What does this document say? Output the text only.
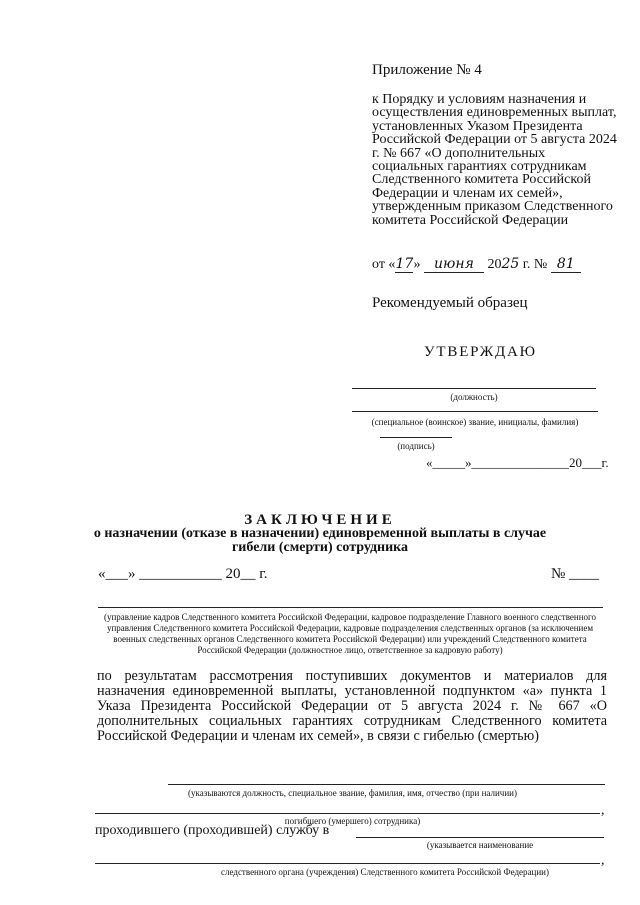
Приложение № 4
к Порядку и условиям назначения и осуществления единовременных выплат, установленных Указом Президента Российской Федерации от 5 августа 2024 г. № 667 «О дополнительных социальных гарантиях сотрудникам Следственного комитета Российской Федерации и членам их семей», утвержденным приказом Следственного комитета Российской Федерации
от «17» июня 2025 г. № 81
Рекомендуемый образец
УТВЕРЖДАЮ
(должность)
(специальное (воинское) звание, инициалы, фамилия)
(подпись)
«_____»_______________20___г.
ЗАКЛЮЧЕНИЕ
о назначении (отказе в назначении) единовременной выплаты в случае
гибели (смерти) сотрудника
«___» ___________ 20__ г.	№ ____
(управление кадров Следственного комитета Российской Федерации, кадровое подразделение Главного военного следственного управления Следственного комитета Российской Федерации, кадровые подразделения следственных органов (за исключением военных следственных органов Следственного комитета Российской Федерации) или учреждений Следственного комитета Российской Федерации (должностное лицо, ответственное за кадровую работу)
по результатам рассмотрения поступивших документов и материалов для назначения единовременной выплаты, установленной подпунктом «а» пункта 1 Указа Президента Российской Федерации от 5 августа 2024 г. № 667 «О дополнительных социальных гарантиях сотрудникам Следственного комитета Российской Федерации и членам их семей», в связи с гибелью (смертью)
(указываются должность, специальное звание, фамилия, имя, отчество (при наличии)
,
погибшего (умершего) сотрудника)
проходившего (проходившей) службу в
(указывается наименование
,
следственного органа (учреждения) Следственного комитета Российской Федерации)
